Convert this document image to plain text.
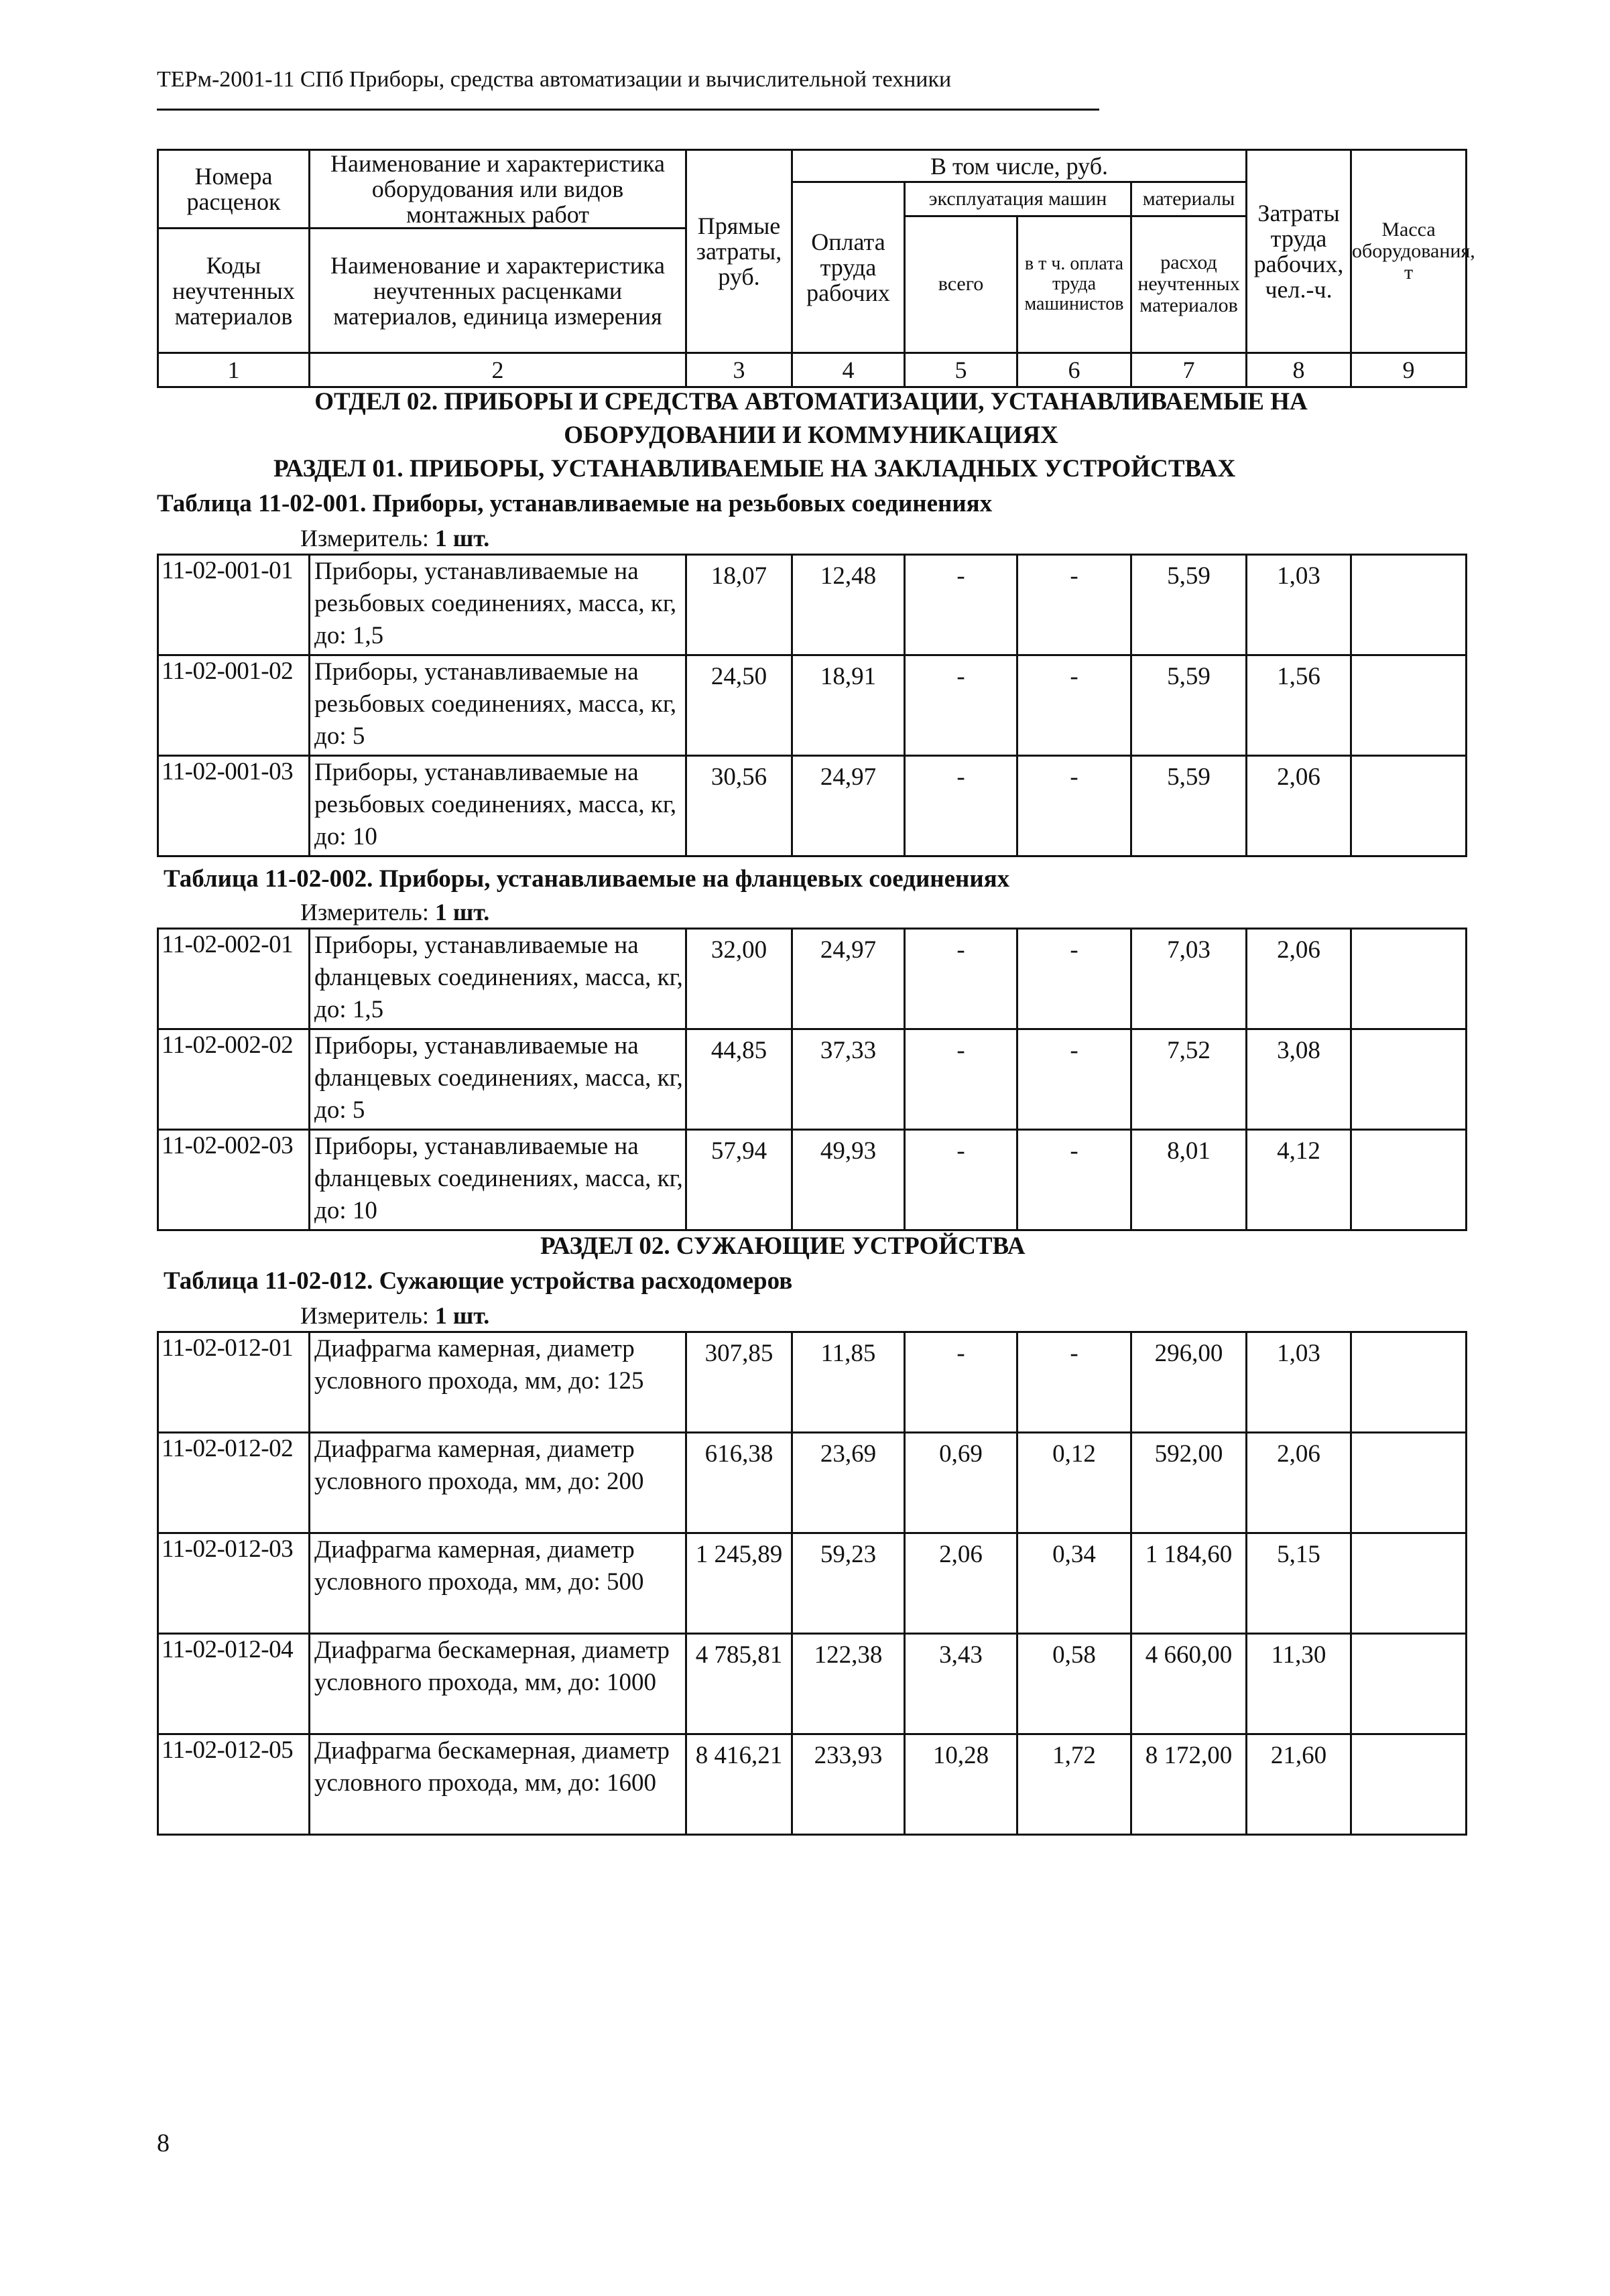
ТЕРм-2001-11 СПб Приборы, средства автоматизации и вычислительной техники
Номера расценок	Наименование и характеристика оборудования или видов монтажных работ	Прямые затраты, руб.	В том числе, руб.				Затраты труда рабочих, чел.-ч.	Масса оборудования, т
			Оплата труда рабочих	эксплуатация машин		материалы		
				всего	в т ч. оплата труда машинистов	расход неучтенных материалов		
Коды неучтенных материалов	Наименование и характеристика неучтенных расценками материалов, единица измерения							

1	2	3	4	5	6	7	8	9
ОТДЕЛ 02. ПРИБОРЫ И СРЕДСТВА АВТОМАТИЗАЦИИ, УСТАНАВЛИВАЕМЫЕ НА
ОБОРУДОВАНИИ И КОММУНИКАЦИЯХ
РАЗДЕЛ 01. ПРИБОРЫ, УСТАНАВЛИВАЕМЫЕ НА ЗАКЛАДНЫХ УСТРОЙСТВАХ
Таблица 11-02-001. Приборы, устанавливаемые на резьбовых соединениях
Измеритель: 1 шт.
11-02-001-01	Приборы, устанавливаемые на резьбовых соединениях, масса, кг, до: 1,5	18,07	12,48	-	-	5,59	1,03	
11-02-001-02	Приборы, устанавливаемые на резьбовых соединениях, масса, кг, до: 5	24,50	18,91	-	-	5,59	1,56	
11-02-001-03	Приборы, устанавливаемые на резьбовых соединениях, масса, кг, до: 10	30,56	24,97	-	-	5,59	2,06	
Таблица 11-02-002. Приборы, устанавливаемые на фланцевых соединениях
Измеритель: 1 шт.
11-02-002-01	Приборы, устанавливаемые на фланцевых соединениях, масса, кг, до: 1,5	32,00	24,97	-	-	7,03	2,06	
11-02-002-02	Приборы, устанавливаемые на фланцевых соединениях, масса, кг, до: 5	44,85	37,33	-	-	7,52	3,08	
11-02-002-03	Приборы, устанавливаемые на фланцевых соединениях, масса, кг, до: 10	57,94	49,93	-	-	8,01	4,12	
РАЗДЕЛ 02. СУЖАЮЩИЕ УСТРОЙСТВА
Таблица 11-02-012. Сужающие устройства расходомеров
Измеритель: 1 шт.
11-02-012-01	Диафрагма камерная, диаметр условного прохода, мм, до: 125	307,85	11,85	-	-	296,00	1,03	
11-02-012-02	Диафрагма камерная, диаметр условного прохода, мм, до: 200	616,38	23,69	0,69	0,12	592,00	2,06	
11-02-012-03	Диафрагма камерная, диаметр условного прохода, мм, до: 500	1 245,89	59,23	2,06	0,34	1 184,60	5,15	
11-02-012-04	Диафрагма бескамерная, диаметр условного прохода, мм, до: 1000	4 785,81	122,38	3,43	0,58	4 660,00	11,30	
11-02-012-05	Диафрагма бескамерная, диаметр условного прохода, мм, до: 1600	8 416,21	233,93	10,28	1,72	8 172,00	21,60	
8
